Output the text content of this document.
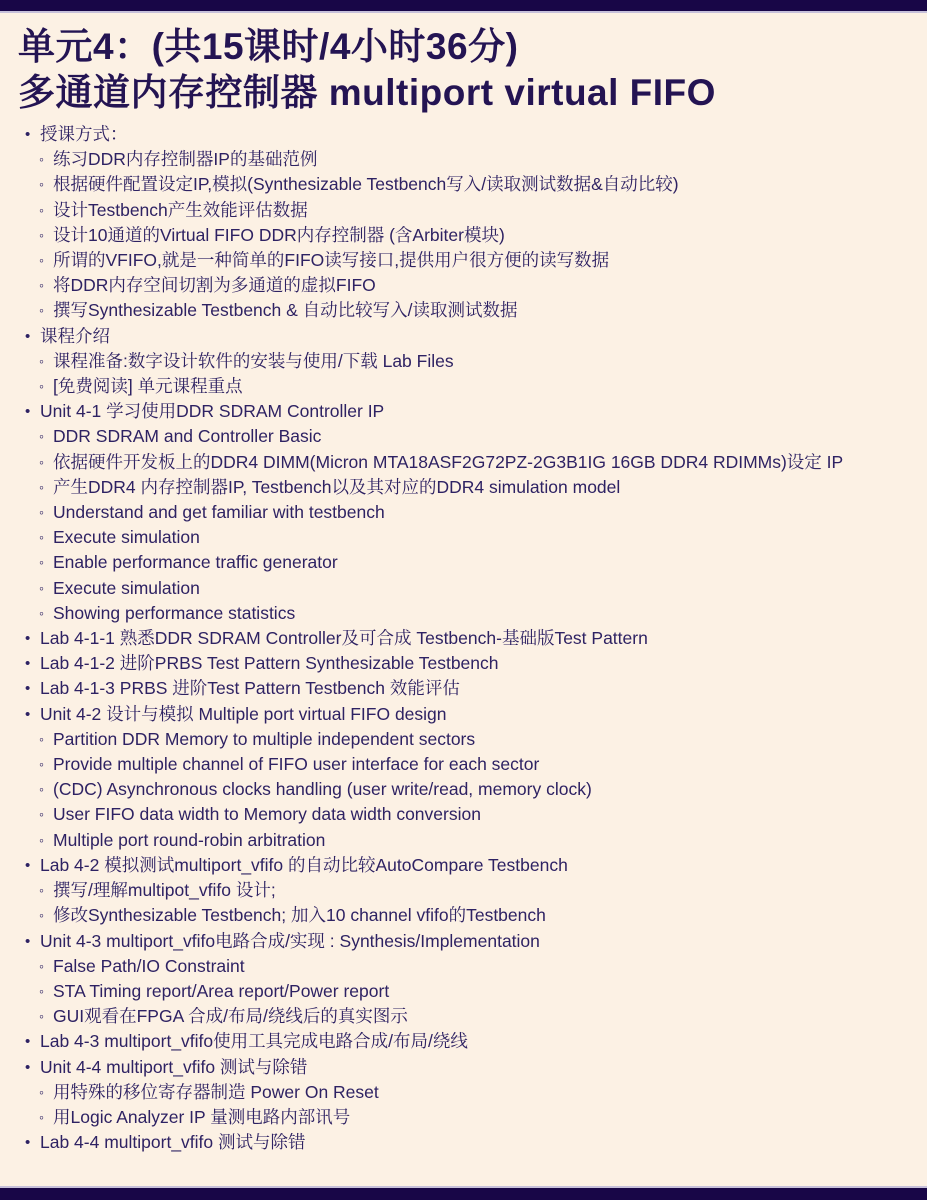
单元4：(共15课时/4小时36分)
多通道内存控制器 multiport virtual FIFO
• 授课方式：
◦ 练习DDR内存控制器IP的基础范例
◦ 根据硬件配置设定IP,模拟(Synthesizable Testbench写入/读取测试数据&自动比较)
◦ 设计Testbench产生效能评估数据
◦ 设计10通道的Virtual FIFO DDR内存控制器 (含Arbiter模块)
◦ 所谓的VFIFO,就是一种简单的FIFO读写接口,提供用户很方便的读写数据
◦ 将DDR内存空间切割为多通道的虚拟FIFO
◦ 撰写Synthesizable Testbench & 自动比较写入/读取测试数据
• 课程介绍
◦ 课程准备:数字设计软件的安装与使用/下载 Lab Files
◦ [免费阅读] 单元课程重点
• Unit 4-1 学习使用DDR SDRAM Controller IP
◦ DDR SDRAM and Controller Basic
◦ 依据硬件开发板上的DDR4 DIMM(Micron MTA18ASF2G72PZ-2G3B1IG 16GB DDR4 RDIMMs)设定 IP
◦ 产生DDR4 内存控制器IP, Testbench以及其对应的DDR4 simulation model
◦ Understand and get familiar with testbench
◦ Execute simulation
◦ Enable performance traffic generator
◦ Execute simulation
◦ Showing performance statistics
• Lab 4-1-1 熟悉DDR SDRAM Controller及可合成 Testbench-基础版Test Pattern
• Lab 4-1-2 进阶PRBS Test Pattern Synthesizable Testbench
• Lab 4-1-3 PRBS 进阶Test Pattern Testbench 效能评估
• Unit 4-2 设计与模拟 Multiple port virtual FIFO design
◦ Partition DDR Memory to multiple independent sectors
◦ Provide multiple channel of FIFO user interface for each sector
◦ (CDC) Asynchronous clocks handling (user write/read, memory clock)
◦ User FIFO data width to Memory data width conversion
◦ Multiple port round-robin arbitration
• Lab 4-2 模拟测试multiport_vfifo 的自动比较AutoCompare Testbench
◦ 撰写/理解multipot_vfifo 设计;
◦ 修改Synthesizable Testbench; 加入10 channel vfifo的Testbench
• Unit 4-3 multiport_vfifo电路合成/实现 : Synthesis/Implementation
◦ False Path/IO Constraint
◦ STA Timing report/Area report/Power report
◦ GUI观看在FPGA 合成/布局/绕线后的真实图示
• Lab 4-3 multiport_vfifo使用工具完成电路合成/布局/绕线
• Unit 4-4 multiport_vfifo 测试与除错
◦ 用特殊的移位寄存器制造 Power On Reset
◦ 用Logic Analyzer IP 量测电路内部讯号
• Lab 4-4 multiport_vfifo 测试与除错
